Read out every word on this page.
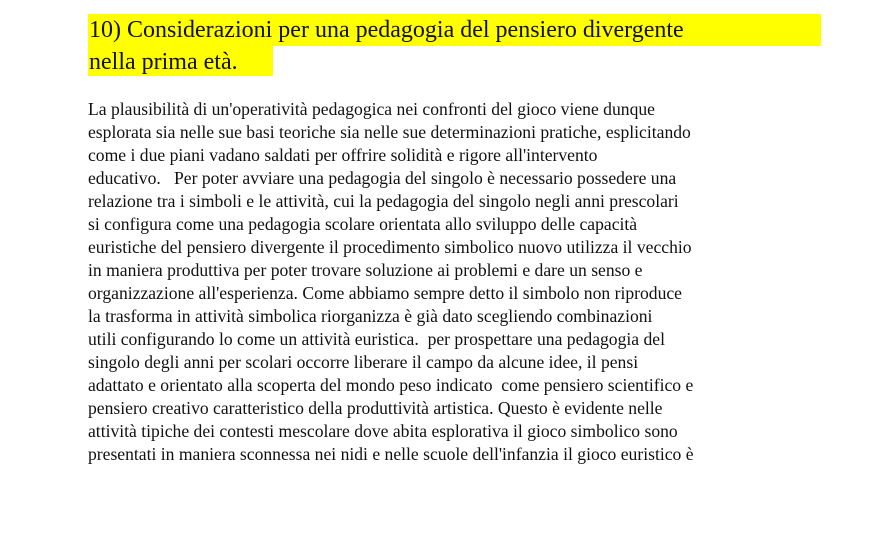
10) Considerazioni per una pedagogia del pensiero divergente
nella prima età.
La plausibilità di un'operatività pedagogica nei confronti del gioco viene dunque
esplorata sia nelle sue basi teoriche sia nelle sue determinazioni pratiche, esplicitando
come i due piani vadano saldati per offrire solidità e rigore all'intervento
educativo.   Per poter avviare una pedagogia del singolo è necessario possedere una
relazione tra i simboli e le attività, cui la pedagogia del singolo negli anni prescolari
si configura come una pedagogia scolare orientata allo sviluppo delle capacità
euristiche del pensiero divergente il procedimento simbolico nuovo utilizza il vecchio
in maniera produttiva per poter trovare soluzione ai problemi e dare un senso e
organizzazione all'esperienza. Come abbiamo sempre detto il simbolo non riproduce
la trasforma in attività simbolica riorganizza è già dato scegliendo combinazioni
utili configurando lo come un attività euristica.  per prospettare una pedagogia del
singolo degli anni per scolari occorre liberare il campo da alcune idee, il pensi
adattato e orientato alla scoperta del mondo peso indicato  come pensiero scientifico e
pensiero creativo caratteristico della produttività artistica. Questo è evidente nelle
attività tipiche dei contesti mescolare dove abita esplorativa il gioco simbolico sono
presentati in maniera sconnessa nei nidi e nelle scuole dell'infanzia il gioco euristico è
